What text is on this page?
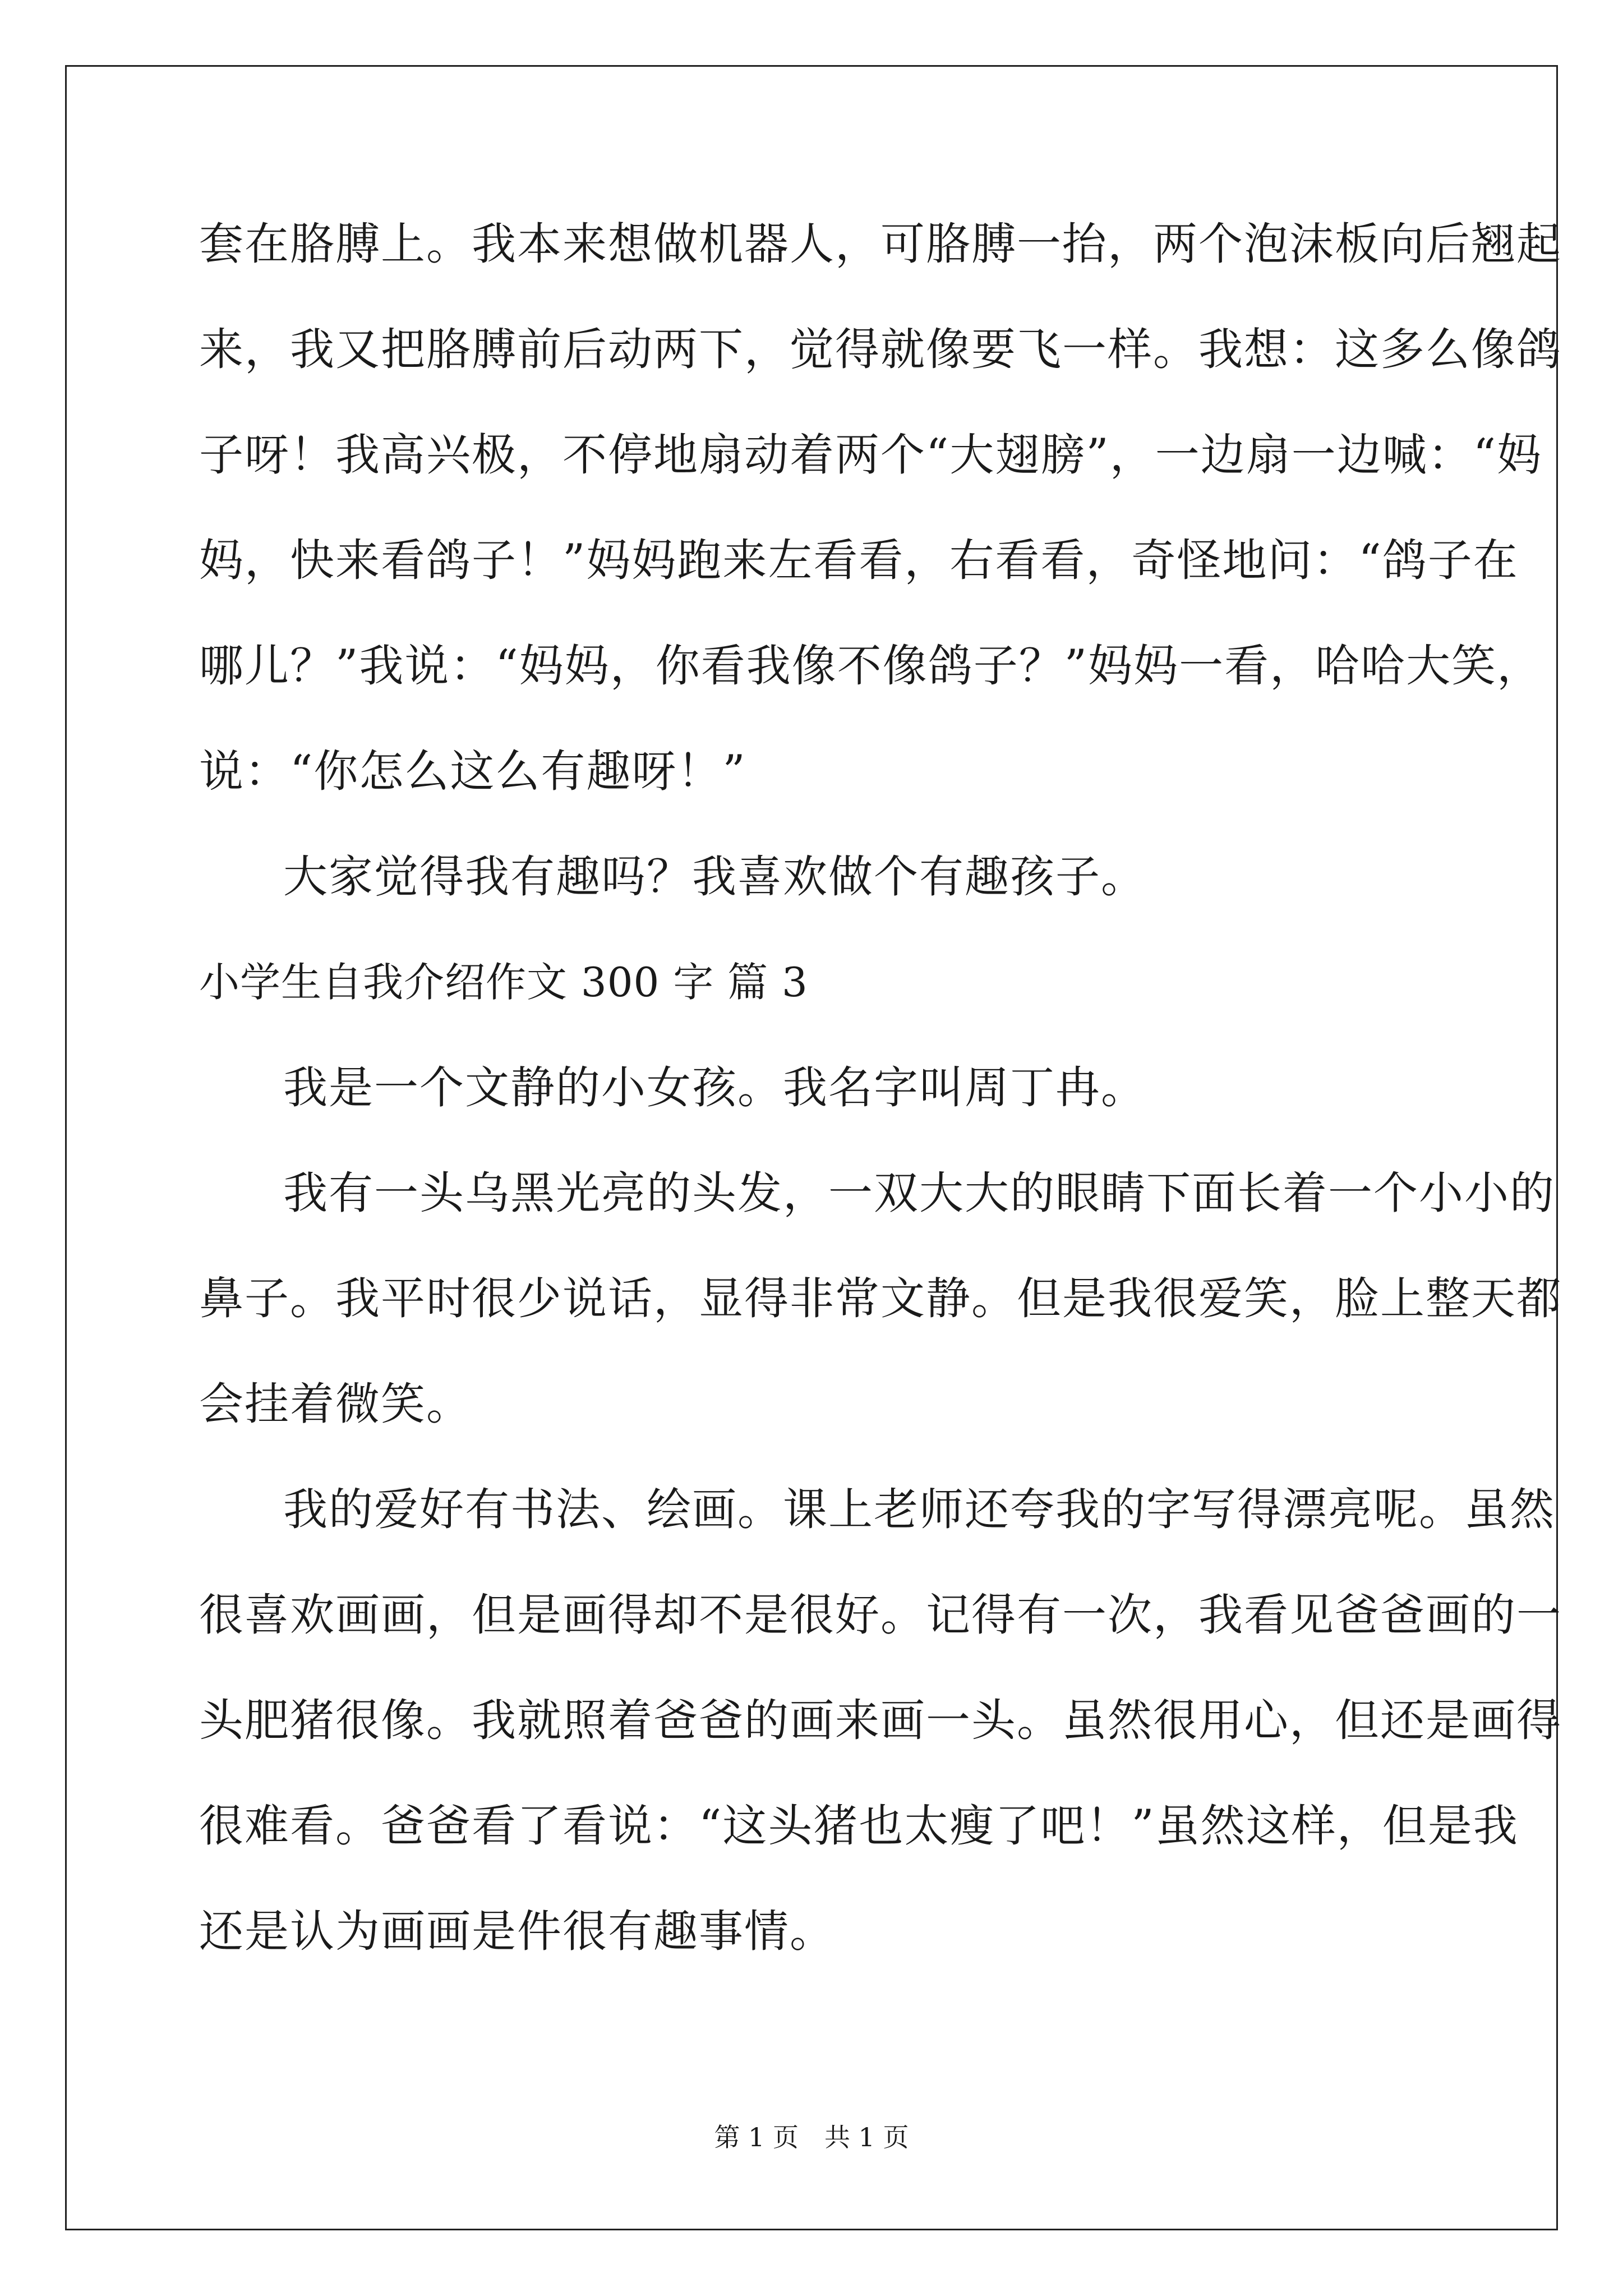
套在胳膊上。我本来想做机器人，可胳膊一抬，两个泡沫板向后翘起
来，我又把胳膊前后动两下，觉得就像要飞一样。我想：这多么像鸽
子呀！我高兴极，不停地扇动着两个“大翅膀”，一边扇一边喊：“妈
妈，快来看鸽子！”妈妈跑来左看看，右看看，奇怪地问：“鸽子在
哪儿？”我说：“妈妈，你看我像不像鸽子？”妈妈一看，哈哈大笑，
说：“你怎么这么有趣呀！”
大家觉得我有趣吗？我喜欢做个有趣孩子。
小学生自我介绍作文 300 字 篇 3
我是一个文静的小女孩。我名字叫周丁冉。
我有一头乌黑光亮的头发，一双大大的眼睛下面长着一个小小的
鼻子。我平时很少说话，显得非常文静。但是我很爱笑，脸上整天都
会挂着微笑。
我的爱好有书法、绘画。课上老师还夸我的字写得漂亮呢。虽然
很喜欢画画，但是画得却不是很好。记得有一次，我看见爸爸画的一
头肥猪很像。我就照着爸爸的画来画一头。虽然很用心，但还是画得
很难看。爸爸看了看说：“这头猪也太瘦了吧！”虽然这样，但是我
还是认为画画是件很有趣事情。
第 1 页　共 1 页
